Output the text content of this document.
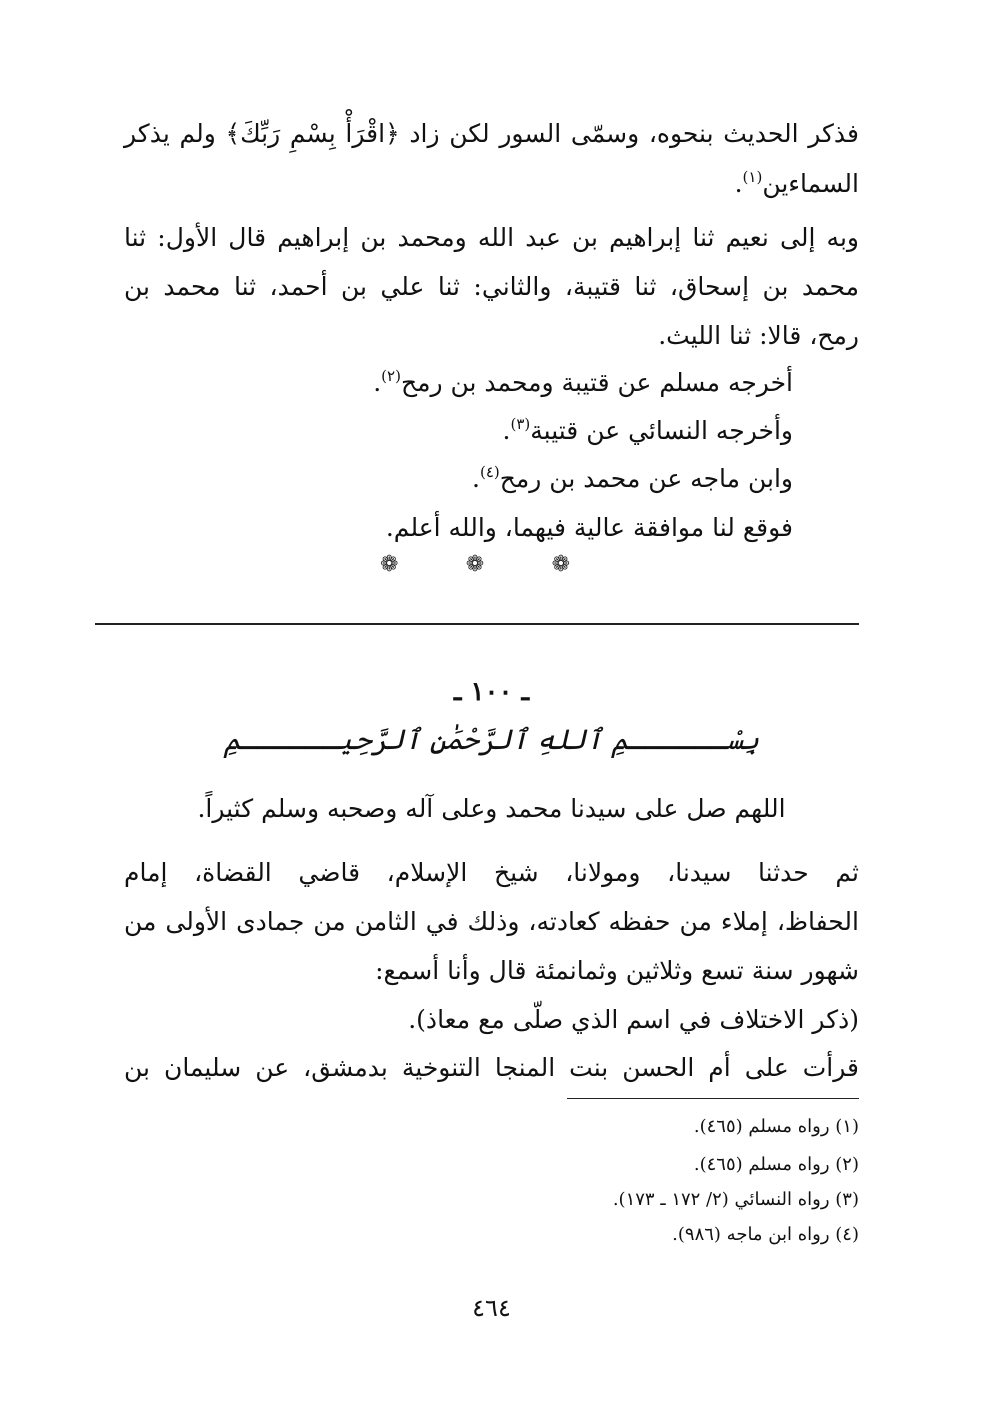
فذكر الحديث بنحوه، وسمّى السور لكن زاد ﴿اقْرَأْ بِسْمِ رَبِّكَ﴾ ولم يذكر
السماءين$^{(١)}$.
وبه إلى نعيم ثنا إبراهيم بن عبد الله ومحمد بن إبراهيم قال الأول: ثنا
محمد بن إسحاق، ثنا قتيبة، والثاني: ثنا علي بن أحمد، ثنا محمد بن
رمح، قالا: ثنا الليث.
أخرجه مسلم عن قتيبة ومحمد بن رمح$^{(٢)}$.
وأخرجه النسائي عن قتيبة$^{(٣)}$.
وابن ماجه عن محمد بن رمح$^{(٤)}$.
فوقع لنا موافقة عالية فيهما، والله أعلم.
❁
❁
❁
ـ ١٠٠ ـ
بِسْــــــمِ ٱللهِ ٱلرَّحْمَٰنِ ٱلرَّحِيــــــمِ
اللهم صل على سيدنا محمد وعلى آله وصحبه وسلم كثيراً.
ثم حدثنا سيدنا، ومولانا، شيخ الإسلام، قاضي القضاة، إمام
الحفاظ، إملاء من حفظه كعادته، وذلك في الثامن من جمادى الأولى من
شهور سنة تسع وثلاثين وثمانمئة قال وأنا أسمع:
(ذكر الاختلاف في اسم الذي صلّى مع معاذ).
قرأت على أم الحسن بنت المنجا التنوخية بدمشق، عن سليمان بن
(١) رواه مسلم (٤٦٥).
(٢) رواه مسلم (٤٦٥).
(٣) رواه النسائي (٢/ ١٧٢ ـ ١٧٣).
(٤) رواه ابن ماجه (٩٨٦).
٤٦٤
